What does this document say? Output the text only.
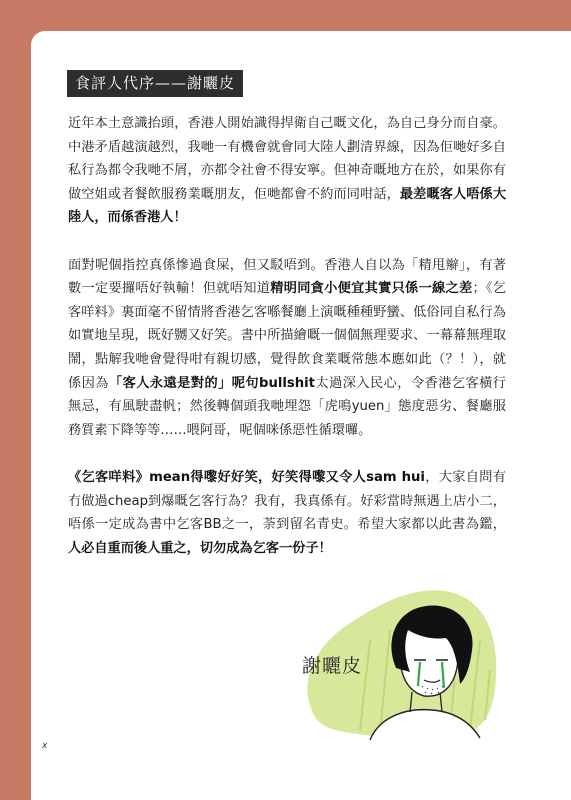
食評人代序——謝曬皮

近年本土意識抬頭，香港人開始識得捍衛自己嘅文化，為自己身分而自豪。中港矛盾越演越烈，我哋一有機會就會同大陸人劃清界線，因為佢哋好多自私行為都令我哋不屑，亦都令社會不得安寧。但神奇嘅地方在於，如果你有做空姐或者餐飲服務業嘅朋友，佢哋都會不約而同咁話，最差嘅客人唔係大陸人，而係香港人！

面對呢個指控真係慘過食屎，但又駁唔到。香港人自以為「精甩辮」，有著數一定要攞唔好執輸！但就唔知道精明同貪小便宜其實只係一線之差；《乞客咩料》裏面毫不留情將香港乞客喺餐廳上演嘅種種野蠻、低俗同自私行為如實地呈現，既好嬲又好笑。書中所描繪嘅一個個無理要求、一幕幕無理取鬧，點解我哋會覺得咁有親切感，覺得飲食業嘅常態本應如此（？！），就係因為「客人永遠是對的」呢句bullshit太過深入民心，令香港乞客橫行無忌，有風駛盡帆；然後轉個頭我哋埋怨「虎鳴yuen」態度惡劣、餐廳服務質素下降等等……喂阿哥，呢個咪係惡性循環囉。

《乞客咩料》mean得嚟好好笑，好笑得嚟又令人sam hui，大家自問有冇做過cheap到爆嘅乞客行為？我有，我真係有。好彩當時無遇上店小二，唔係一定成為書中乞客BB之一，荼到留名青史。希望大家都以此書為鑑，人必自重而後人重之，切勿成為乞客一份子！

謝曬皮
x
